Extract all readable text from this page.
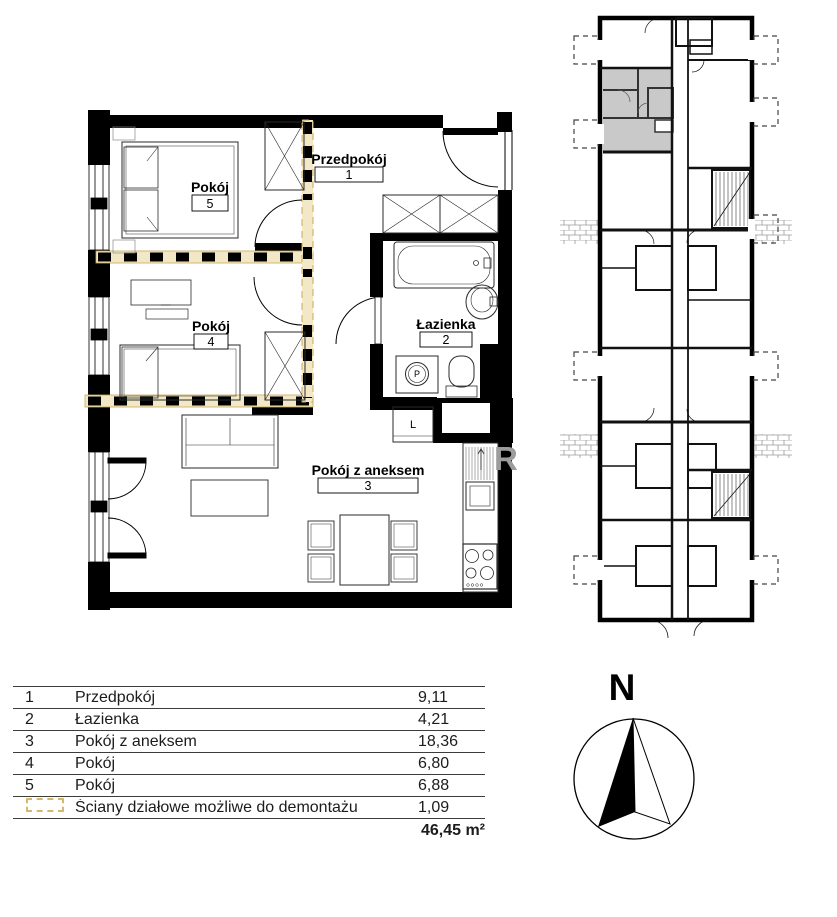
Pokój
5
Przedpokój
1
Pokój
4
Łazienka
2
Pokój z aneksem
3
L
P
R
N
1	Przedpokój	9,11
2	Łazienka	4,21
3	Pokój z aneksem	18,36
4	Pokój	6,80
5	Pokój	6,88
Ściany działowe możliwe do demontażu	1,09
46,45 m²
